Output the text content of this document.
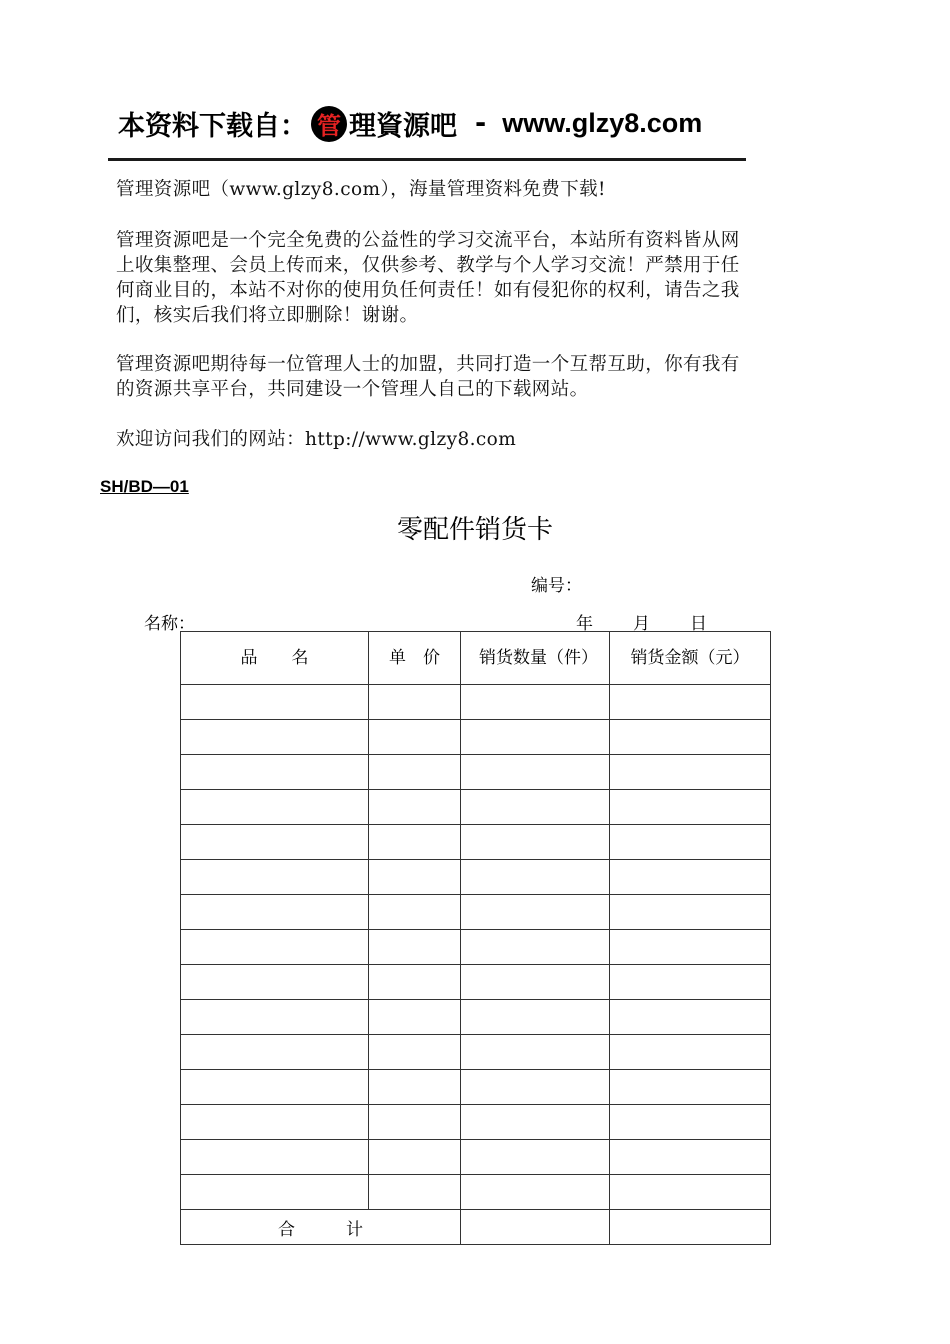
本资料下载自： 管 理資源吧 - www.glzy8.com
管理资源吧（www.glzy8.com），海量管理资料免费下载!
管理资源吧是一个完全免费的公益性的学习交流平台，本站所有资料皆从网上收集整理、会员上传而来，仅供参考、教学与个人学习交流！严禁用于任何商业目的，本站不对你的使用负任何责任！如有侵犯你的权利，请告之我们，核实后我们将立即删除！谢谢。
管理资源吧期待每一位管理人士的加盟，共同打造一个互帮互助，你有我有的资源共享平台，共同建设一个管理人自己的下载网站。
欢迎访问我们的网站：http://www.glzy8.com
SH/BD—01
零配件销货卡
编号：
名称：	年 月 日
品　　名	单　价	销货数量（件）	销货金额（元）

合　　　计			
